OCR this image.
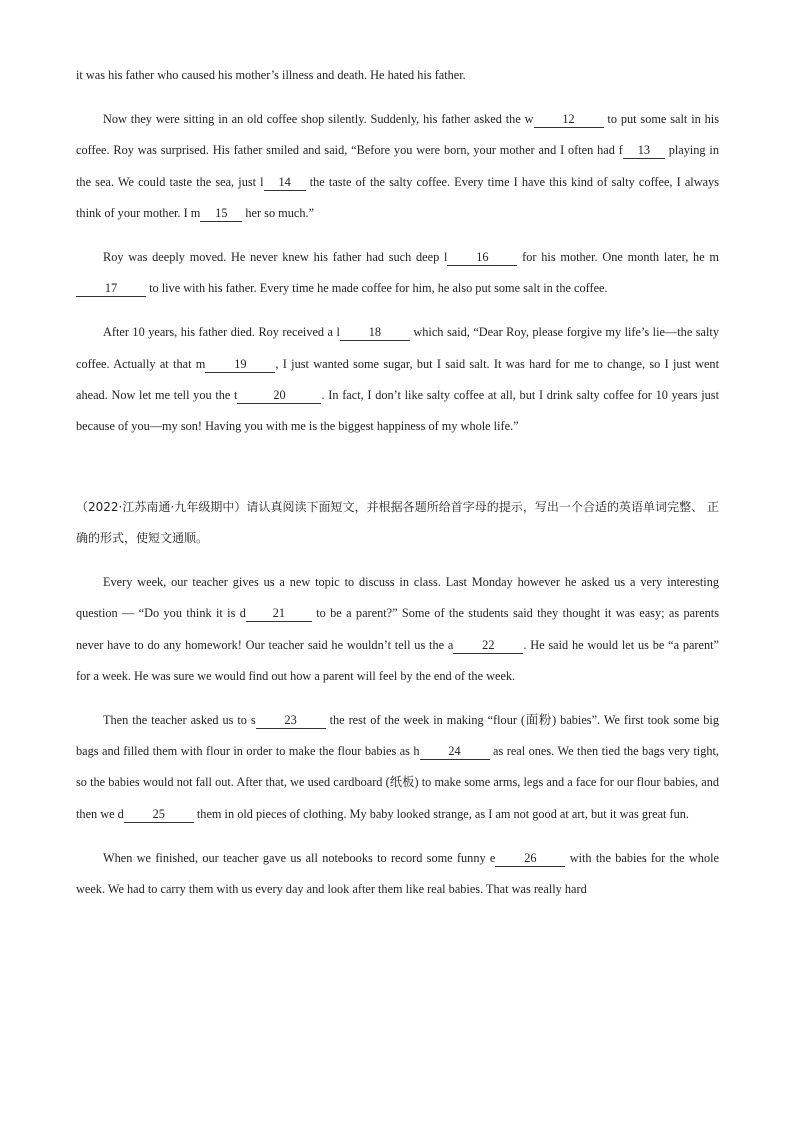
it was his father who caused his mother’s illness and death. He hated his father.

Now they were sitting in an old coffee shop silently. Suddenly, his father asked the w 12 to put some salt in his coffee. Roy was surprised. His father smiled and said, “Before you were born, your mother and I often had f 13 playing in the sea. We could taste the sea, just l 14 the taste of the salty coffee. Every time I have this kind of salty coffee, I always think of your mother. I m 15 her so much.”

Roy was deeply moved. He never knew his father had such deep l 16 for his mother. One month later, he m17 to live with his father. Every time he made coffee for him, he also put some salt in the coffee.

After 10 years, his father died. Roy received a l 18 which said, “Dear Roy, please forgive my life’s lie—the salty coffee. Actually at that m 19 , I just wanted some sugar, but I said salt. It was hard for me to change, so I just went ahead. Now let me tell you the t	20	. In fact, I don’t like salty coffee at all, but I drink salty coffee for 10 years just because of you—my son! Having you with me is the biggest happiness of my whole life.”

（2022·江苏南通·九年级期中）请认真阅读下面短文，并根据各题所给首字母的提示，写出一个合适的英语单词完整、 正确的形式，使短文通顺。

Every week, our teacher gives us a new topic to discuss in class. Last Monday however he asked us a very interesting question — “Do you think it is d 21 to be a parent?” Some of the students said they thought it was easy; as parents never have to do any homework! Our teacher said he wouldn’t tell us the a 22 . He said he would let us be “a parent” for a week. He was sure we would find out how a parent will feel by the end of the week.

Then the teacher asked us to s 23 the rest of the week in making “flour (面粉) babies”. We first took some big bags and filled them with flour in order to make the flour babies as h 24 as real ones. We then tied the bags very tight, so the babies would not fall out. After that, we used cardboard (纸板) to make some arms, legs and a face for our flour babies, and then we d 25 them in old pieces of clothing. My baby looked strange, as I am not good at art, but it was great fun.

When we finished, our teacher gave us all notebooks to record some funny e 26 with the babies for the whole week. We had to carry them with us every day and look after them like real babies. That was really hard
